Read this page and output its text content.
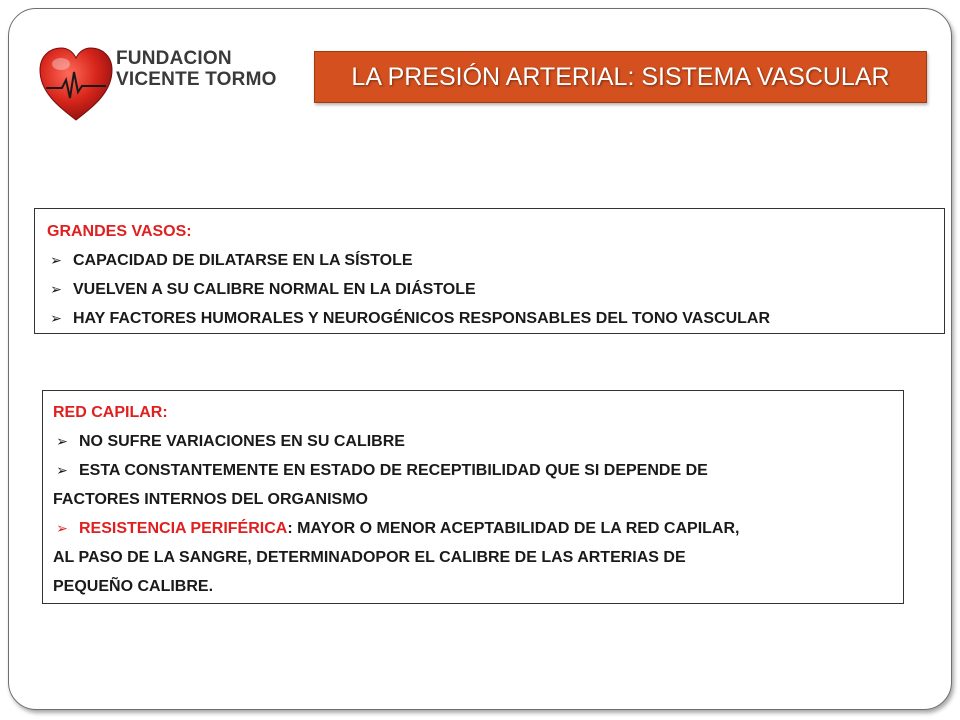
FUNDACION
VICENTE TORMO	LA PRESIÓN ARTERIAL: SISTEMA VASCULAR
GRANDES VASOS:
➢ CAPACIDAD DE DILATARSE EN LA SÍSTOLE
➢ VUELVEN A SU CALIBRE NORMAL EN LA DIÁSTOLE
➢ HAY FACTORES HUMORALES Y NEUROGÉNICOS RESPONSABLES DEL TONO VASCULAR
RED CAPILAR:
➢ NO SUFRE VARIACIONES EN SU CALIBRE
➢ ESTA CONSTANTEMENTE EN ESTADO DE RECEPTIBILIDAD QUE SI DEPENDE DE
FACTORES INTERNOS DEL ORGANISMO
➢ RESISTENCIA PERIFÉRICA: MAYOR O MENOR ACEPTABILIDAD DE LA RED CAPILAR,
AL PASO DE LA SANGRE, DETERMINADOPOR EL CALIBRE DE LAS ARTERIAS DE
PEQUEÑO CALIBRE.
